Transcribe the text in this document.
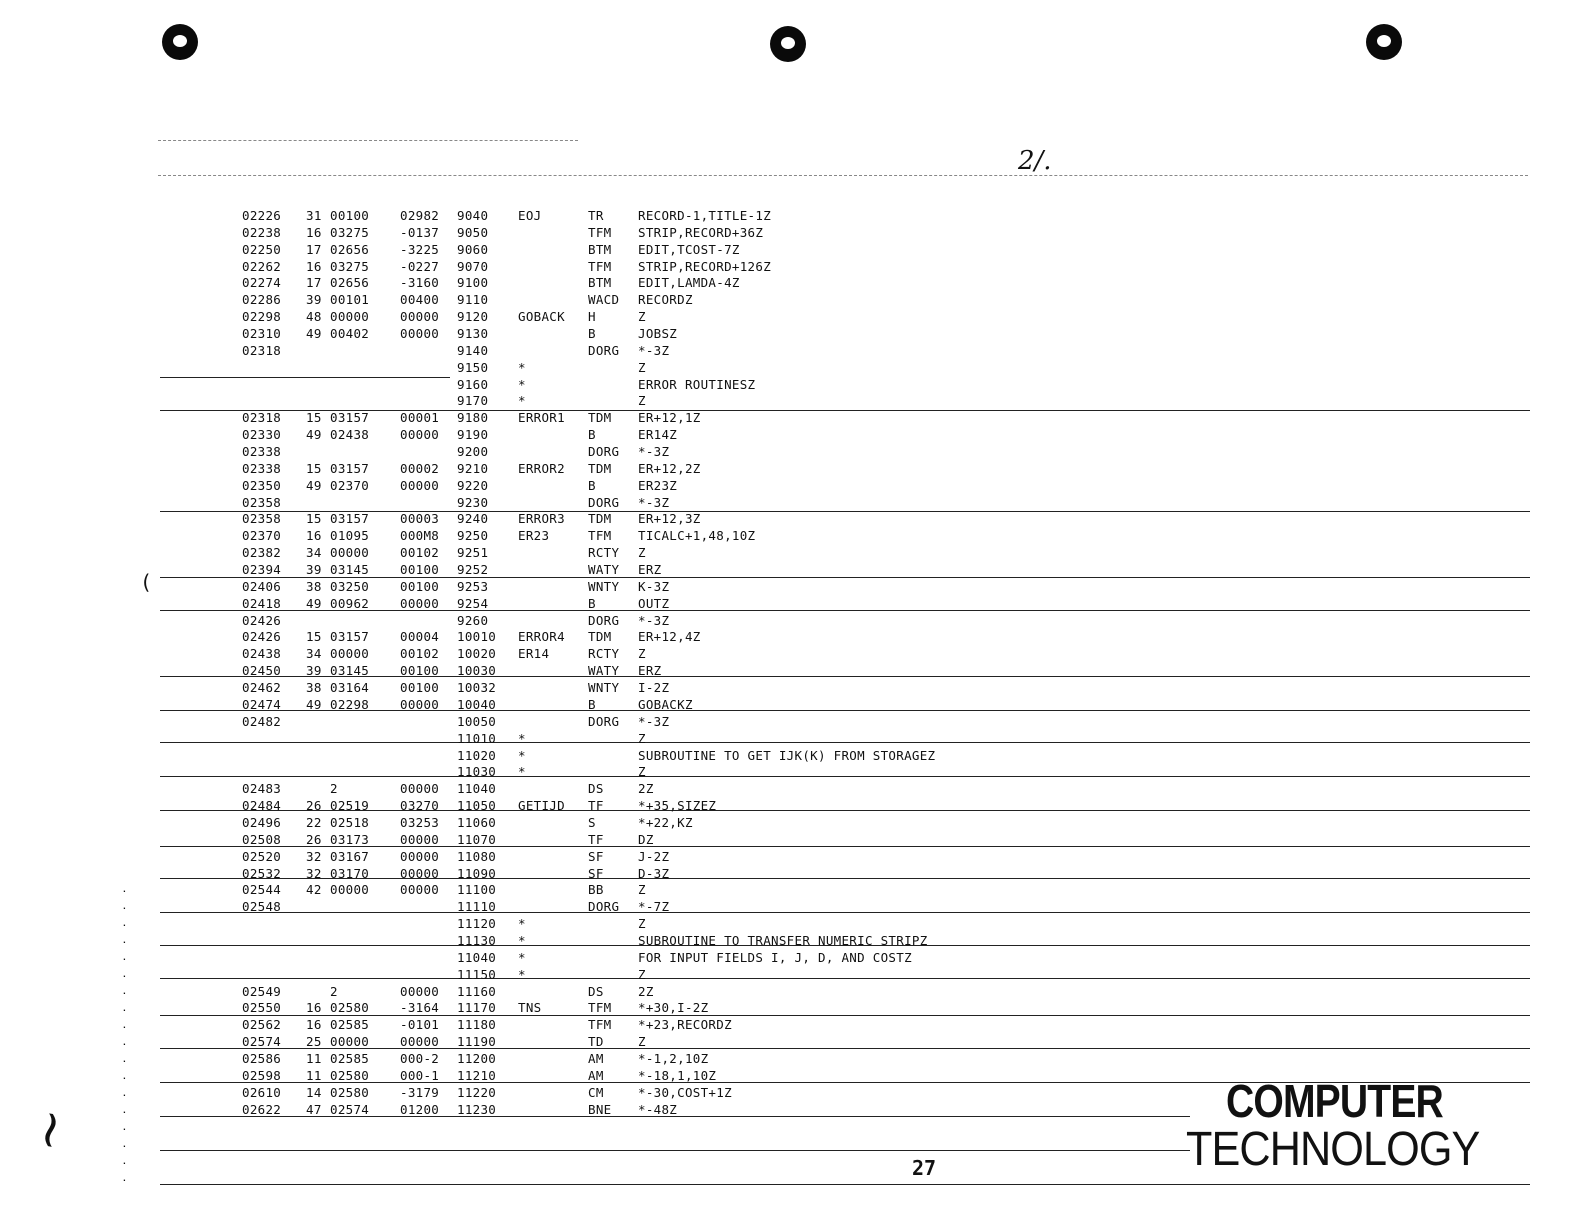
2/.
(
~
·
·
·
·
·
·
·
·
·
·
·
·
·
·
·
·
·
·
02226 31 00100 02982 9040 EOJ	TR	RECORD-1,TITLE-1Z
02238 16 03275 -0137 9050	TFM STRIP,RECORD+36Z
02250 17 02656 -3225 9060	BTM EDIT,TCOST-7Z
02262 16 03275 -0227 9070	TFM STRIP,RECORD+126Z
02274 17 02656 -3160 9100	BTM EDIT,LAMDA-4Z
02286 39 00101 00400 9110	WACD RECORDZ
02298 48 00000 00000 9120 GOBACK H	Z
02310 49 00402 00000 9130	B	JOBSZ
02318	9140	DORG *-3Z
9150 *	Z
9160 *	ERROR ROUTINESZ
9170 *	Z
02318 15 03157 00001 9180 ERROR1 TDM ER+12,1Z
02330 49 02438 00000 9190	B	ER14Z
02338	9200	DORG *-3Z
02338 15 03157 00002 9210 ERROR2 TDM ER+12,2Z
02350 49 02370 00000 9220	B	ER23Z
02358	9230	DORG *-3Z
02358 15 03157 00003 9240 ERROR3 TDM ER+12,3Z
02370 16 01095 000M8 9250 ER23	TFM TICALC+1,48,10Z
02382 34 00000 00102 9251	RCTY Z
02394 39 03145 00100 9252	WATY ERZ
02406 38 03250 00100 9253	WNTY K-3Z
02418 49 00962 00000 9254	B	OUTZ
02426	9260	DORG *-3Z
02426 15 03157 00004 10010 ERROR4 TDM ER+12,4Z
02438 34 00000 00102 10020 ER14	RCTY Z
02450 39 03145 00100 10030	WATY ERZ
02462 38 03164 00100 10032	WNTY I-2Z
02474 49 02298 00000 10040	B	GOBACKZ
02482	10050	DORG *-3Z
11010 *	Z
11020 *	SUBROUTINE TO GET IJK(K) FROM STORAGEZ
11030 *	Z
02483	2	00000 11040	DS	2Z
02484 26 02519 03270 11050 GETIJD TF	*+35,SIZEZ
02496 22 02518 03253 11060	S	*+22,KZ
02508 26 03173 00000 11070	TF	DZ
02520 32 03167 00000 11080	SF	J-2Z
02532 32 03170 00000 11090	SF	D-3Z
02544 42 00000 00000 11100	BB	Z
02548	11110	DORG *-7Z
11120 *	Z
11130 *	SUBROUTINE TO TRANSFER NUMERIC STRIPZ
11040 *	FOR INPUT FIELDS I, J, D, AND COSTZ
11150 *	Z
02549	2	00000 11160	DS	2Z
02550 16 02580 -3164 11170 TNS	TFM *+30,I-2Z
02562 16 02585 -0101 11180	TFM *+23,RECORDZ
02574 25 00000 00000 11190	TD	Z
02586 11 02585 000-2 11200	AM	*-1,2,10Z
02598 11 02580 000-1 11210	AM	*-18,1,10Z
02610 14 02580 -3179 11220	CM	*-30,COST+1Z
02622 47 02574 01200 11230	BNE *-48Z	COMPUTER
TECHNOLOGY
27
